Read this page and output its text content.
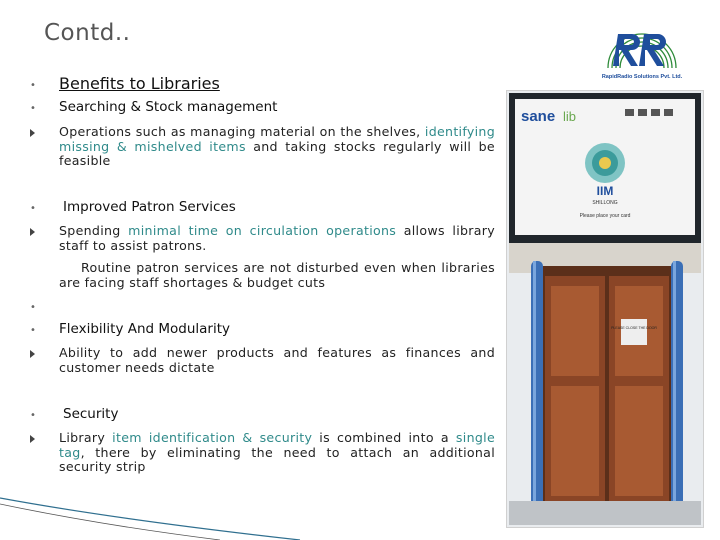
Contd..
RapidRadio Solutions Pvt. Ltd.
• Benefits to Libraries
• Searching & Stock management
Operations such as managing material on the shelves, identifying missing & mishelved items and taking stocks regularly will be feasible
• Improved Patron Services
Spending minimal time on circulation operations allows library staff to assist patrons.
Routine patron services are not disturbed even when libraries are facing staff shortages & budget cuts
•
• Flexibility And Modularity
Ability to add newer products and features as finances and customer needs dictate
• Security
Library item identification & security is combined into a single tag, there by eliminating the need to attach an additional security strip
sane lib
IIM
SHILLONG
Please place your card
PLEASE CLOSE THE DOOR
